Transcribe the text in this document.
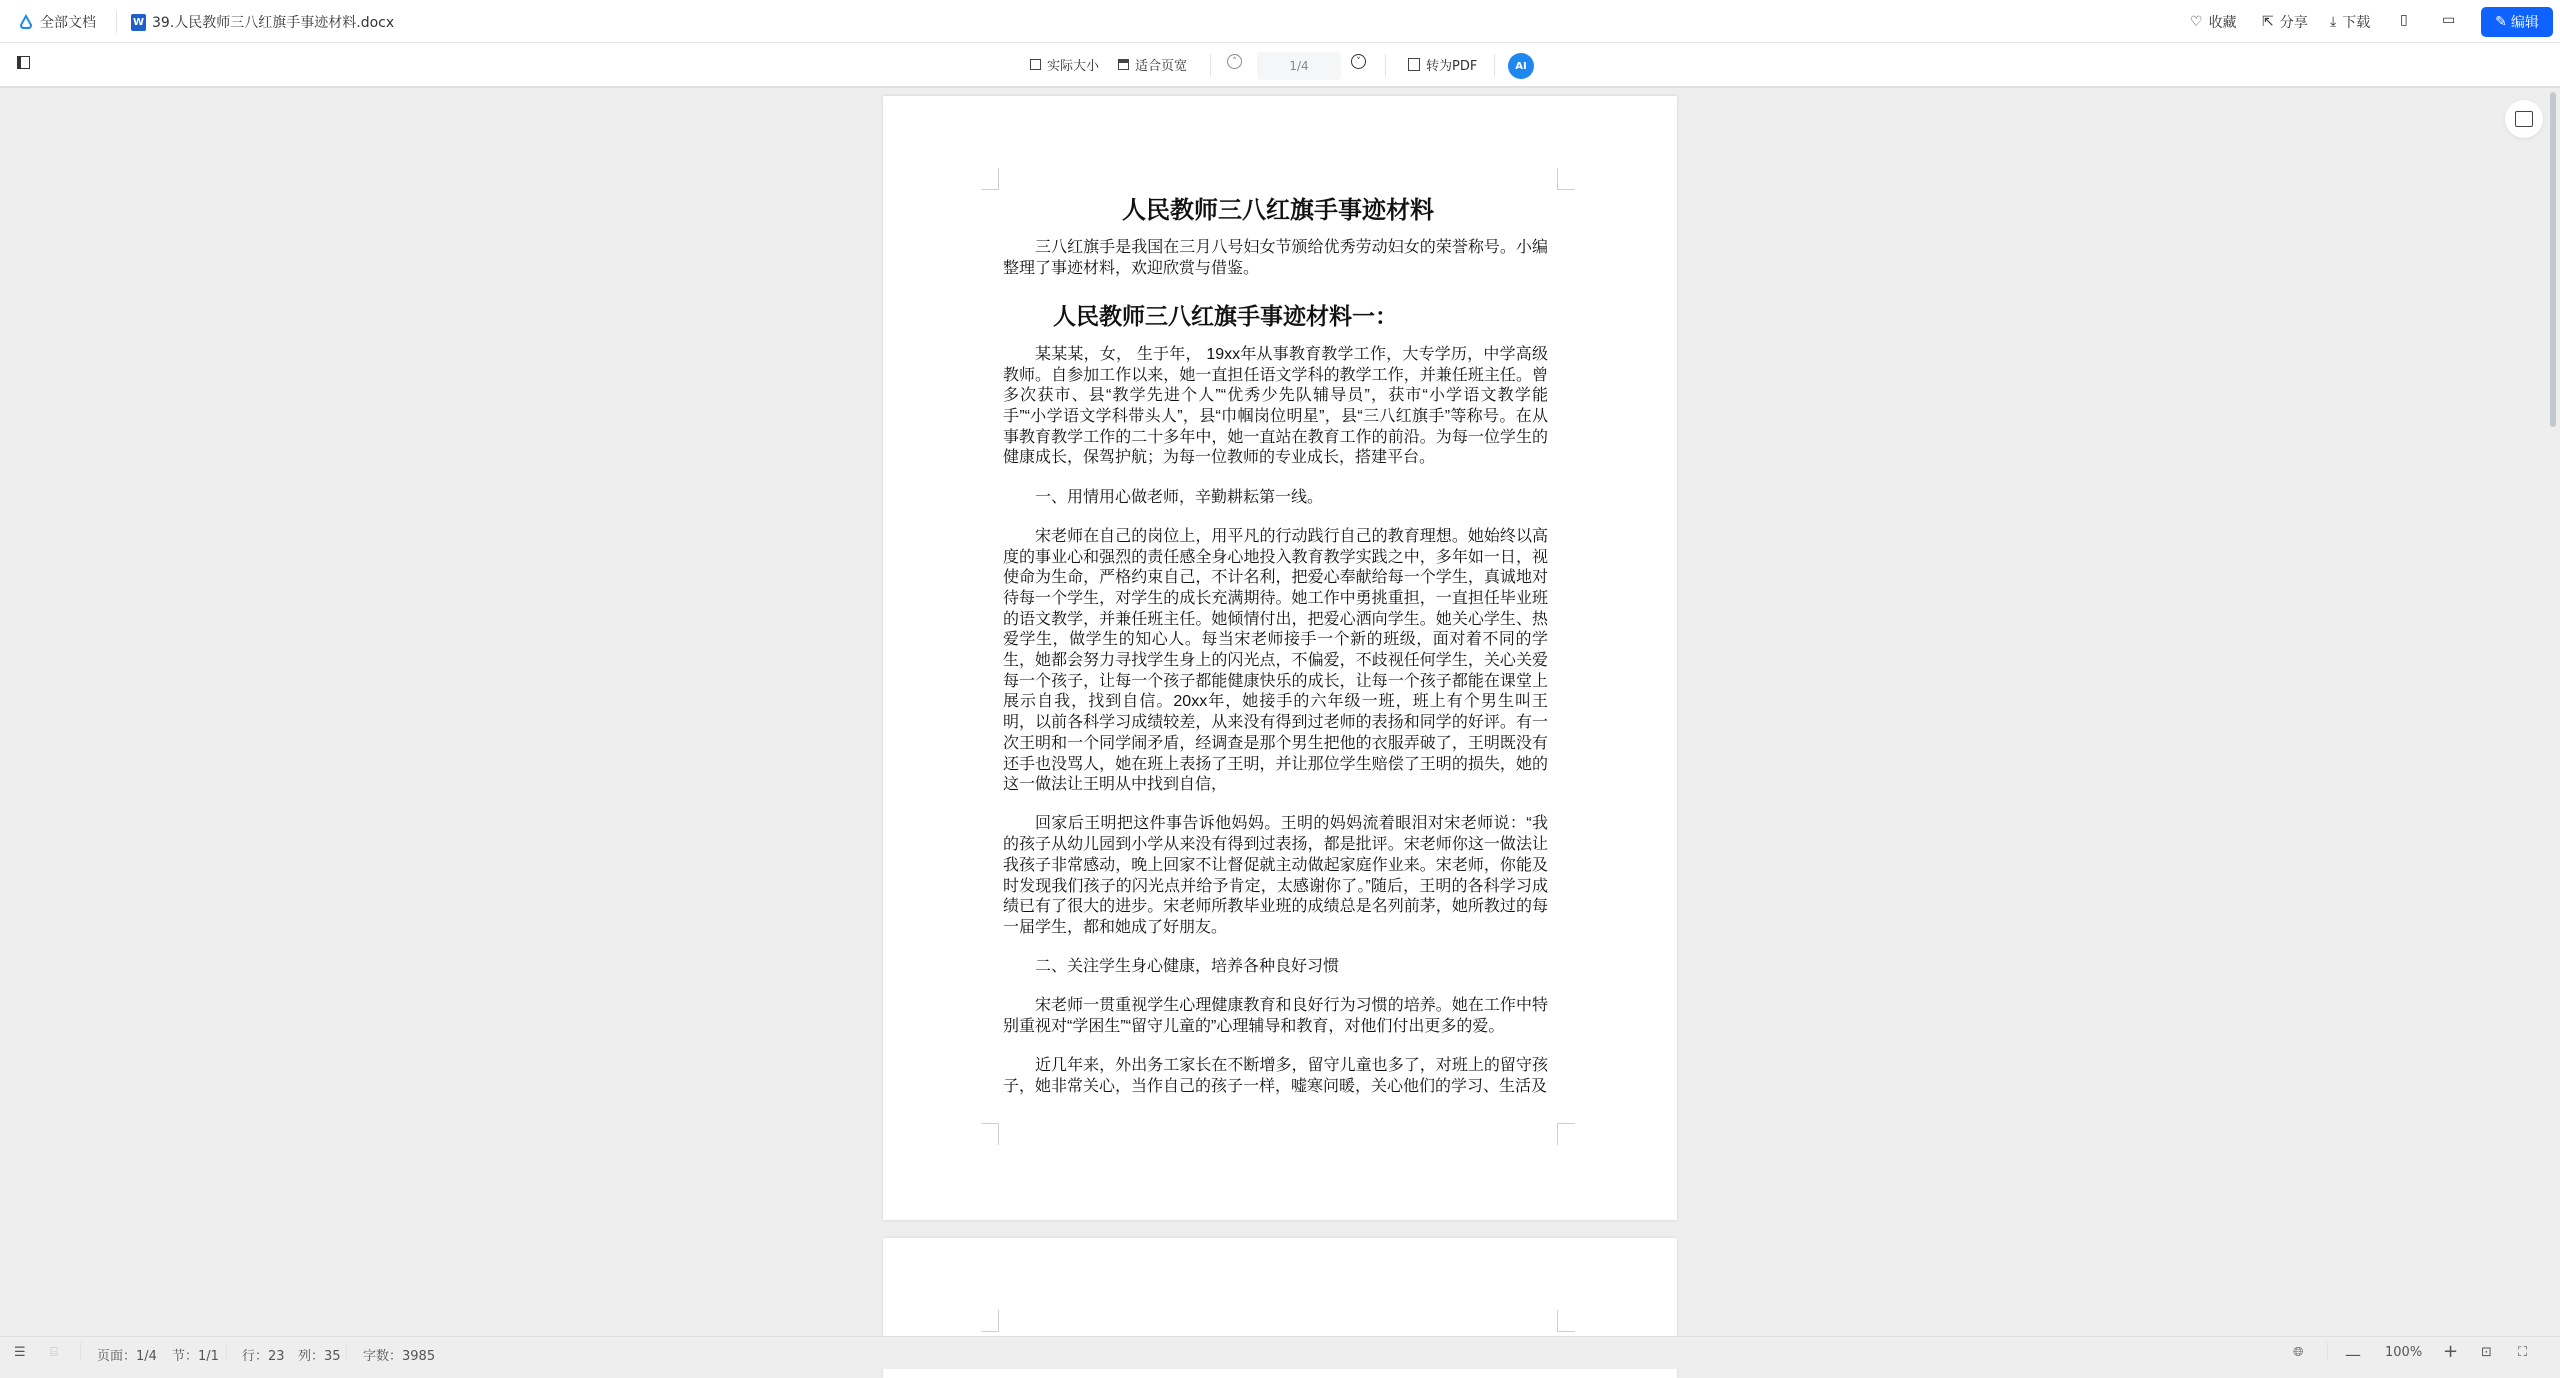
全部文档	W 39.人民教师三八红旗手事迹材料.docx	♡ 收藏 ⇱ 分享 ⤓ 下载 ▯ ▭	✎ 编辑
实际大小	适合页宽	˄	1/4	˅	转为PDF	AI
人民教师三八红旗手事迹材料

三八红旗手是我国在三月八号妇女节颁给优秀劳动妇女的荣誉称号。小编整理了事迹材料，欢迎欣赏与借鉴。

人民教师三八红旗手事迹材料一：

某某某，女， 生于年， 19xx年从事教育教学工作，大专学历，中学高级教师。自参加工作以来，她一直担任语文学科的教学工作，并兼任班主任。曾多次获市、县“教学先进个人”“优秀少先队辅导员”，获市“小学语文教学能手”“小学语文学科带头人”，县“巾帼岗位明星”，县“三八红旗手”等称号。在从事教育教学工作的二十多年中，她一直站在教育工作的前沿。为每一位学生的健康成长，保驾护航；为每一位教师的专业成长，搭建平台。

一、用情用心做老师，辛勤耕耘第一线。

宋老师在自己的岗位上，用平凡的行动践行自己的教育理想。她始终以高度的事业心和强烈的责任感全身心地投入教育教学实践之中，多年如一日，视使命为生命，严格约束自己，不计名利，把爱心奉献给每一个学生，真诚地对待每一个学生，对学生的成长充满期待。她工作中勇挑重担，一直担任毕业班的语文教学，并兼任班主任。她倾情付出，把爱心洒向学生。她关心学生、热爱学生，做学生的知心人。每当宋老师接手一个新的班级，面对着不同的学生，她都会努力寻找学生身上的闪光点，不偏爱，不歧视任何学生，关心关爱每一个孩子，让每一个孩子都能健康快乐的成长，让每一个孩子都能在课堂上展示自我，找到自信。20xx年，她接手的六年级一班，班上有个男生叫王明，以前各科学习成绩较差，从来没有得到过老师的表扬和同学的好评。有一次王明和一个同学闹矛盾，经调查是那个男生把他的衣服弄破了，王明既没有还手也没骂人，她在班上表扬了王明，并让那位学生赔偿了王明的损失，她的这一做法让王明从中找到自信，

回家后王明把这件事告诉他妈妈。王明的妈妈流着眼泪对宋老师说：“我的孩子从幼儿园到小学从来没有得到过表扬，都是批评。宋老师你这一做法让我孩子非常感动，晚上回家不让督促就主动做起家庭作业来。宋老师，你能及时发现我们孩子的闪光点并给予肯定，太感谢你了。”随后，王明的各科学习成绩已有了很大的进步。宋老师所教毕业班的成绩总是名列前茅，她所教过的每一届学生，都和她成了好朋友。

二、关注学生身心健康，培养各种良好习惯

宋老师一贯重视学生心理健康教育和良好行为习惯的培养。她在工作中特别重视对“学困生”“留守儿童的”心理辅导和教育，对他们付出更多的爱。

近几年来，外出务工家长在不断增多，留守儿童也多了，对班上的留守孩子，她非常关心，当作自己的孩子一样，嘘寒问暖，关心他们的学习、生活及

☰ ⌸	页面：1/4 节：1/1 行：23 列：35 字数：3985	🌐︎	— 100% + ⊡ ⛶
